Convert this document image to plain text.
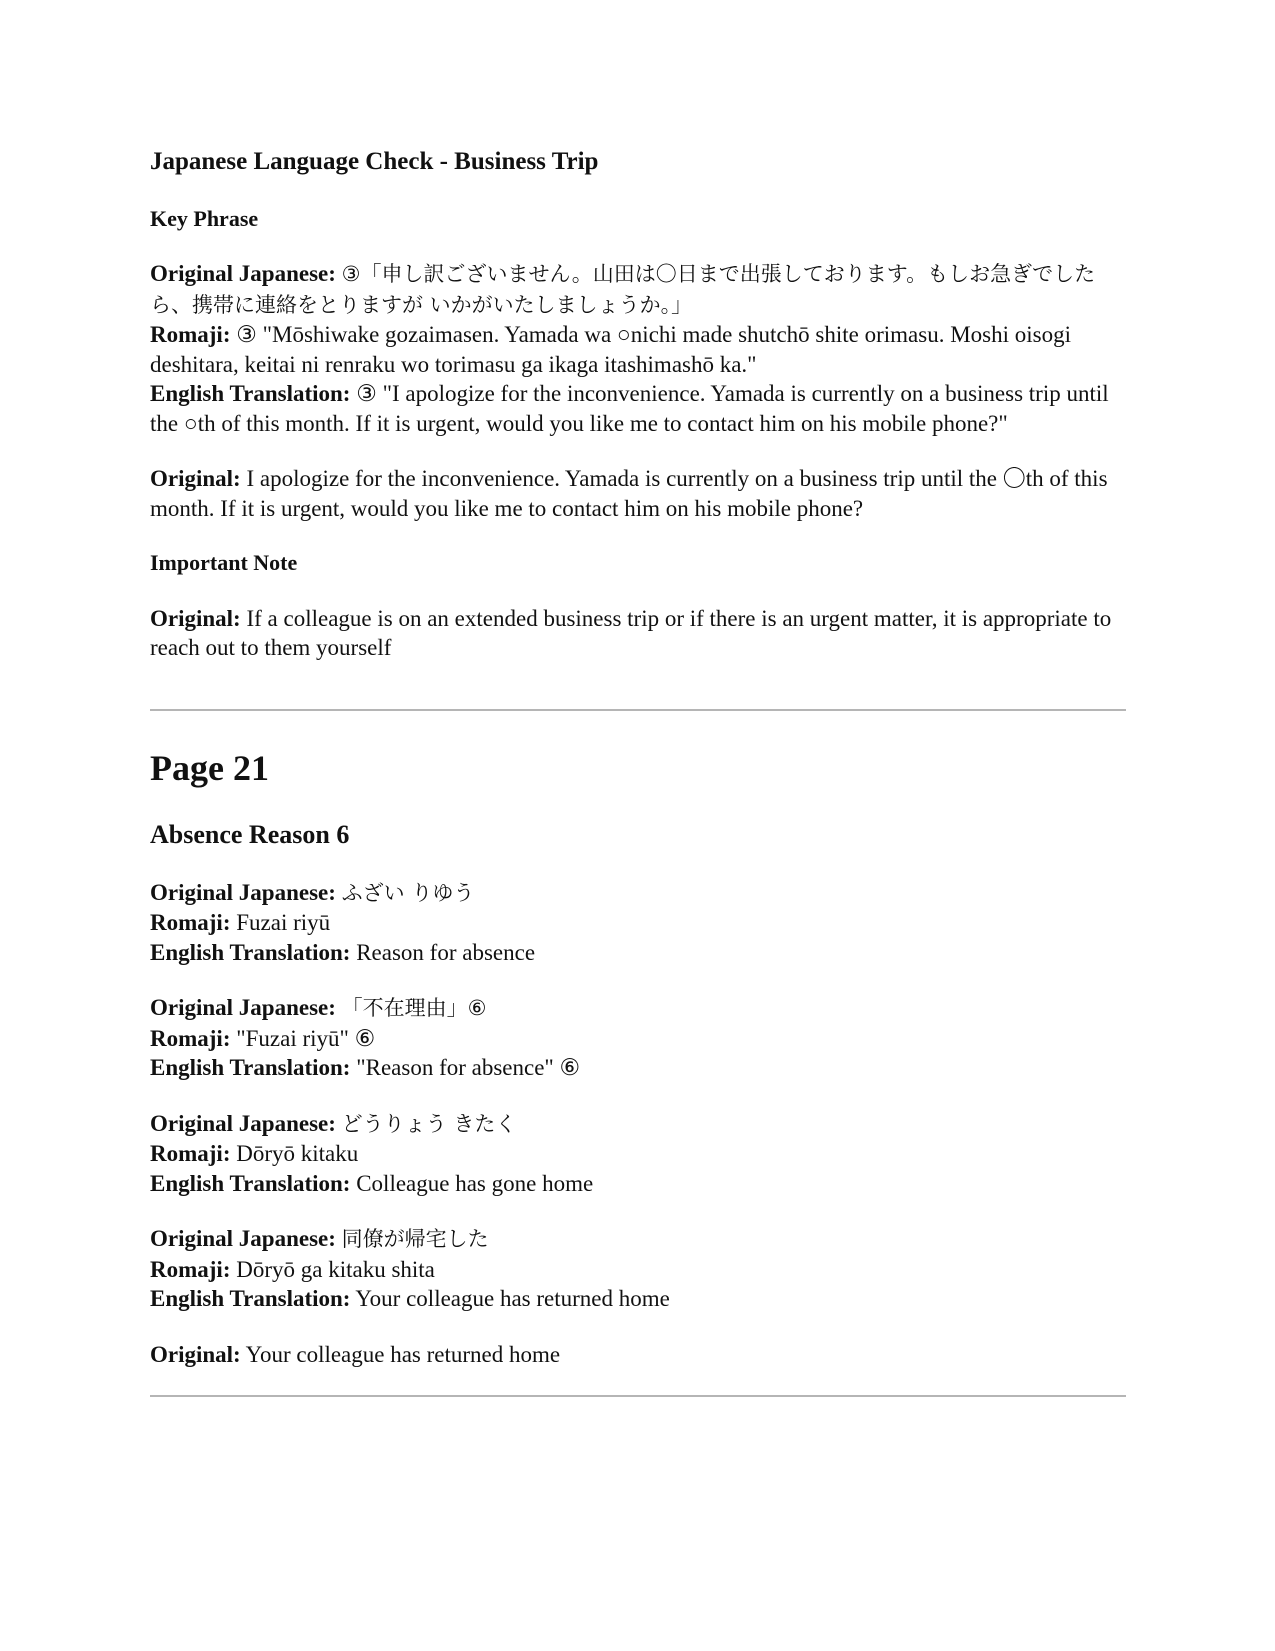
Japanese Language Check - Business Trip
Key Phrase

Original Japanese: ③「申し訳ございません。山田は〇日まで出張しております。もしお急ぎでしたら、携帯に連絡をとりますが いかがいたしましょうか。」
Romaji: ③ "Mōshiwake gozaimasen. Yamada wa ○nichi made shutchō shite orimasu. Moshi oisogi deshitara, keitai ni renraku wo torimasu ga ikaga itashimashō ka."
English Translation: ③ "I apologize for the inconvenience. Yamada is currently on a business trip until the ○th of this month. If it is urgent, would you like me to contact him on his mobile phone?"

Original: I apologize for the inconvenience. Yamada is currently on a business trip until the 〇th of this month. If it is urgent, would you like me to contact him on his mobile phone?

Important Note

Original: If a colleague is on an extended business trip or if there is an urgent matter, it is appropriate to reach out to them yourself

Page 21
Absence Reason 6

Original Japanese: ふざい りゆう
Romaji: Fuzai riyū
English Translation: Reason for absence

Original Japanese: 「不在理由」⑥
Romaji: "Fuzai riyū" ⑥
English Translation: "Reason for absence" ⑥

Original Japanese: どうりょう きたく
Romaji: Dōryō kitaku
English Translation: Colleague has gone home

Original Japanese: 同僚が帰宅した
Romaji: Dōryō ga kitaku shita
English Translation: Your colleague has returned home

Original: Your colleague has returned home
